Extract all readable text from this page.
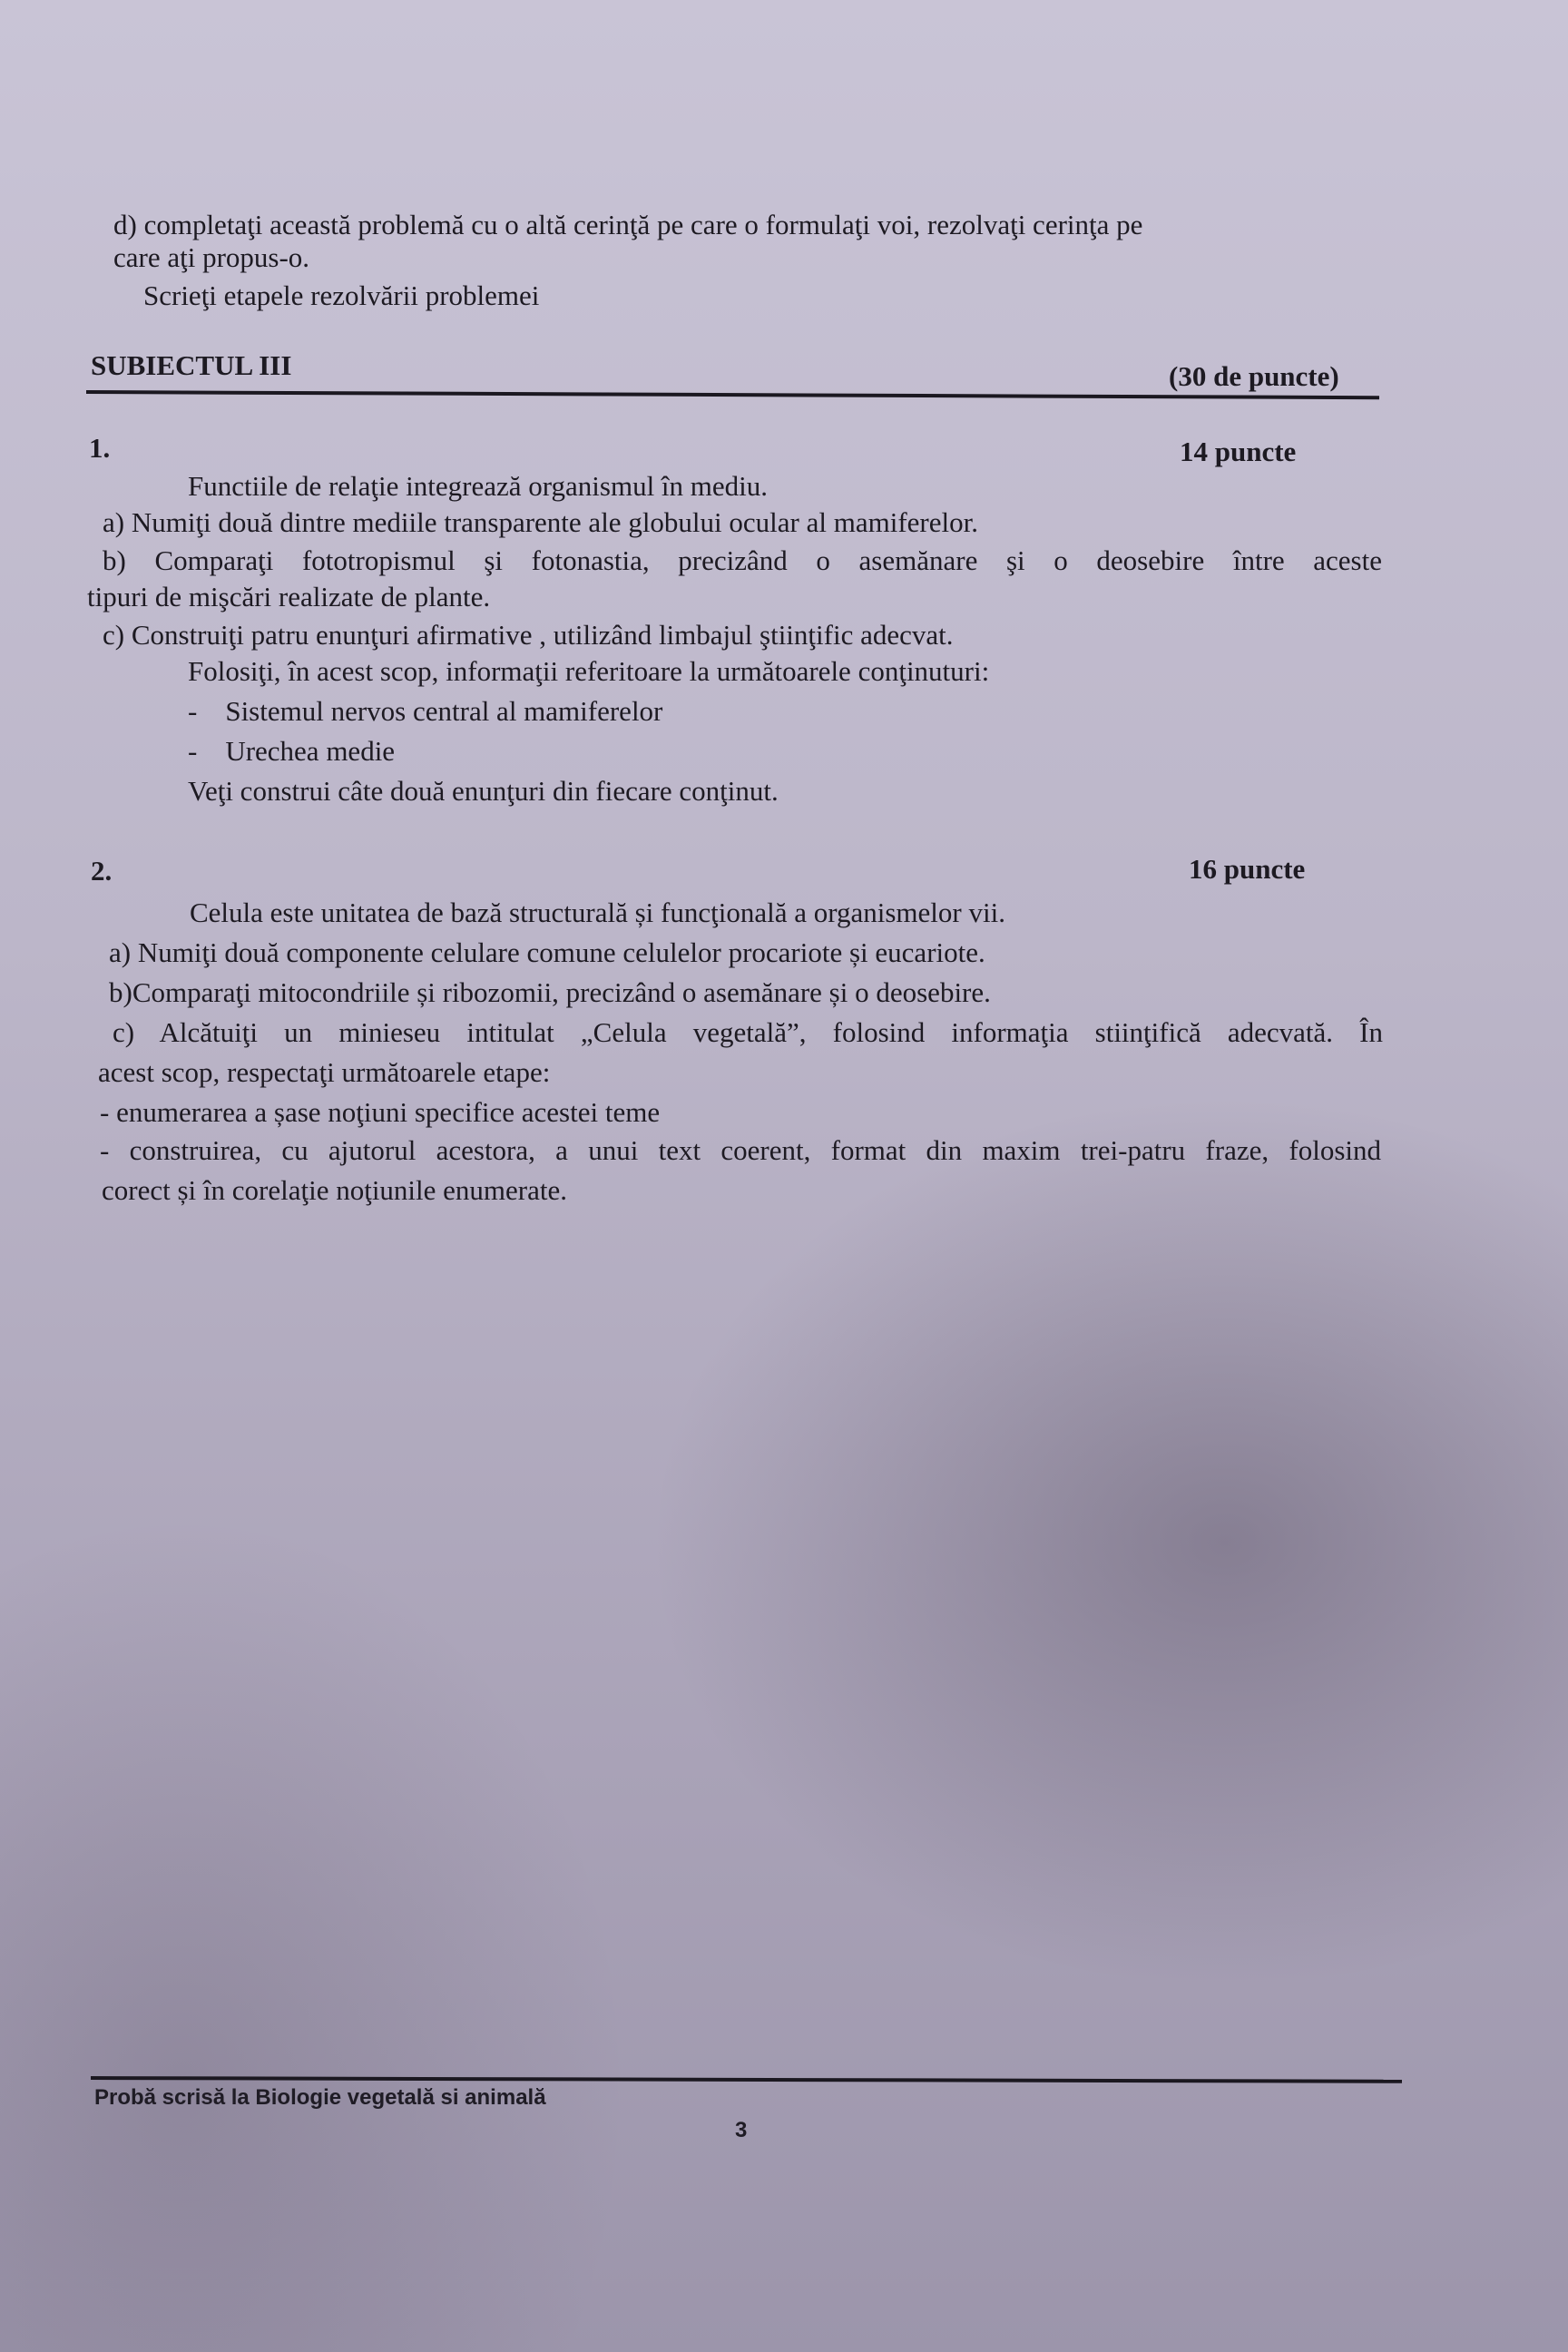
d) completaţi această problemă cu o altă cerinţă pe care o formulaţi voi, rezolvaţi cerinţa pe
care aţi propus-o.
Scrieţi etapele rezolvării problemei
SUBIECTUL III	(30 de puncte)
1.	14 puncte
Functiile de relaţie integrează organismul în mediu.
a) Numiţi două dintre mediile transparente ale globului ocular al mamiferelor.
b) Comparaţi fototropismul şi fotonastia, precizând o asemănare şi o deosebire între aceste
tipuri de mişcări realizate de plante.
c) Construiţi patru enunţuri afirmative , utilizând limbajul ştiinţific adecvat.
Folosiţi, în acest scop, informaţii referitoare la următoarele conţinuturi:
-    Sistemul nervos central al mamiferelor
-    Urechea medie
Veţi construi câte două enunţuri din fiecare conţinut.
2.	16 puncte
Celula este unitatea de bază structurală și funcţională a organismelor vii.
a) Numiţi două componente celulare comune celulelor procariote și eucariote.
b)Comparaţi mitocondriile și ribozomii, precizând o asemănare și o deosebire.
c) Alcătuiţi un minieseu intitulat „Celula vegetală”, folosind informaţia stiinţifică adecvată. În
acest scop, respectaţi următoarele etape:
- enumerarea a șase noţiuni specifice acestei teme
- construirea, cu ajutorul acestora, a unui text coerent, format din maxim trei-patru fraze, folosind
corect și în corelaţie noţiunile enumerate.
Probă scrisă la Biologie vegetală si animală
3
